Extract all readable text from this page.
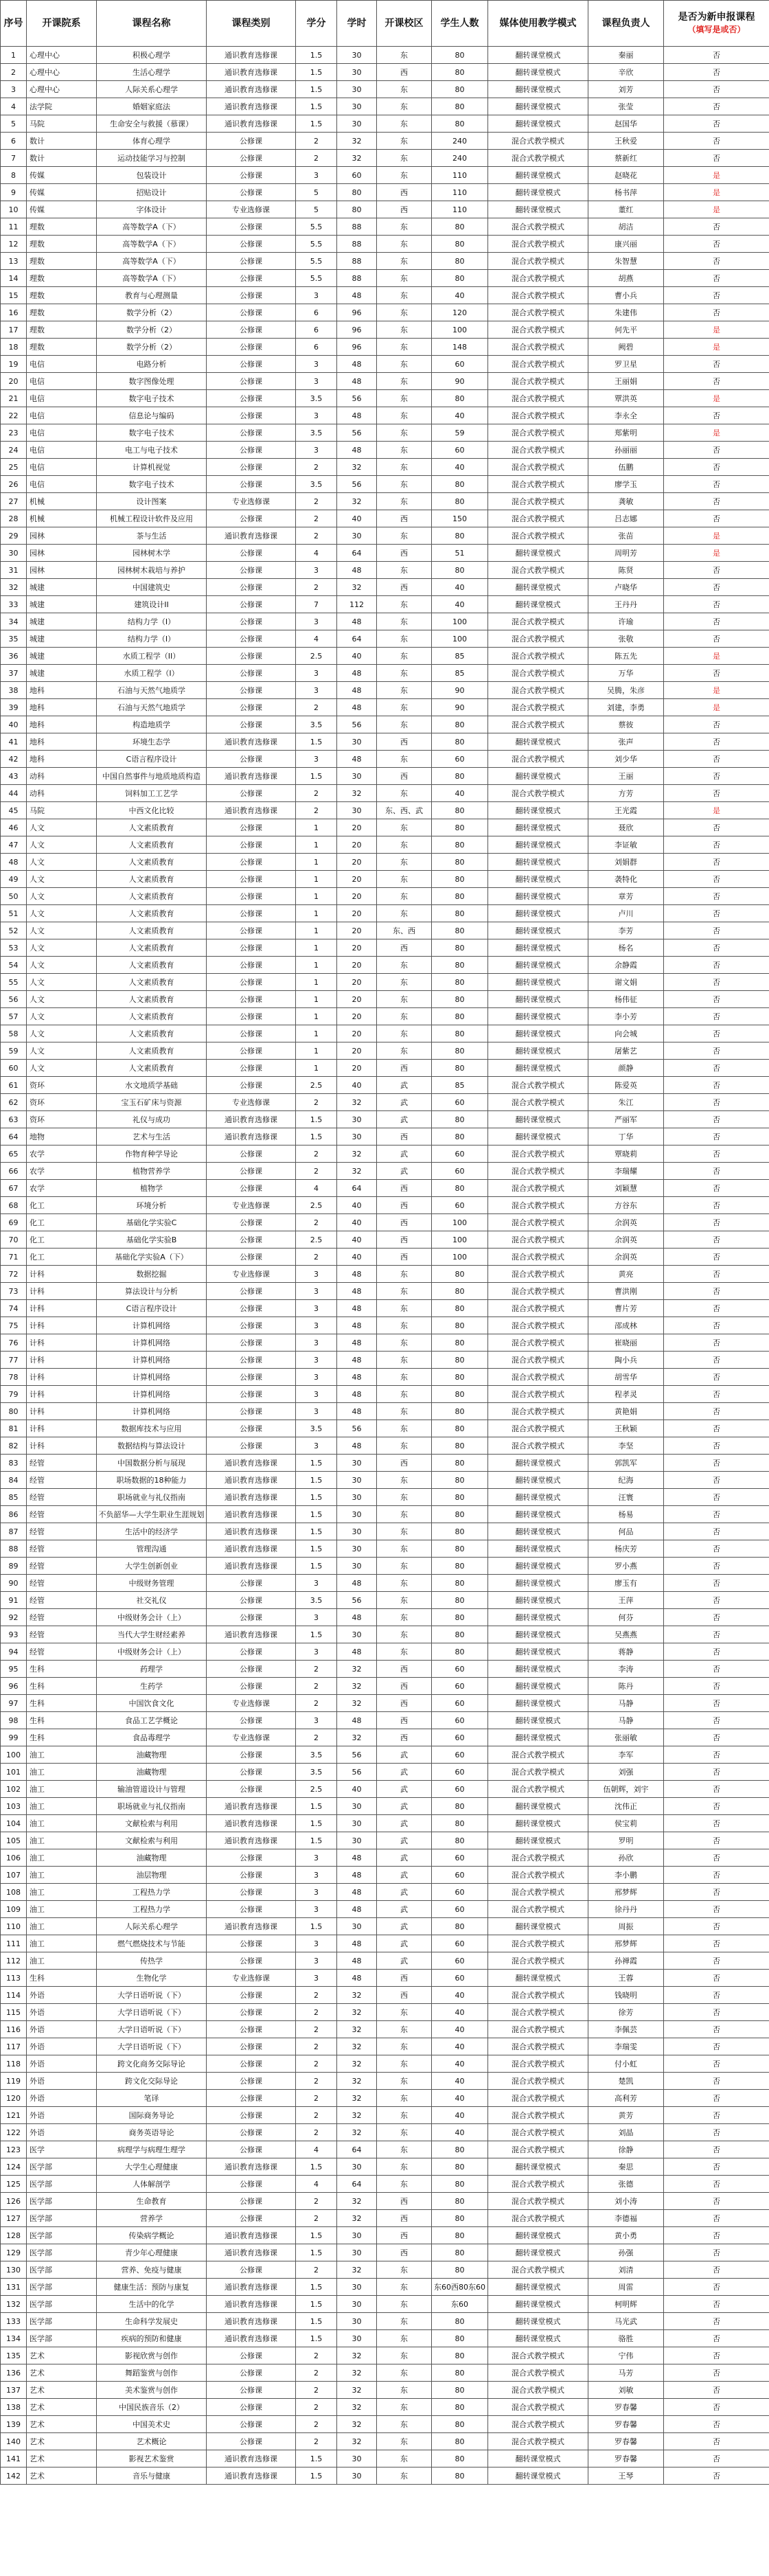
序号	开课院系	课程名称	课程类别	学分	学时	开课校区	学生人数	媒体使用教学模式	课程负责人	是否为新申报课程
（填写是或否）

1	心理中心	积极心理学	通识教育选修课	1.5	30	东	80	翻转课堂模式	秦丽	否
2	心理中心	生活心理学	通识教育选修课	1.5	30	西	80	翻转课堂模式	辛欣	否
3	心理中心	人际关系心理学	通识教育选修课	1.5	30	东	80	翻转课堂模式	刘芳	否
4	法学院	婚姻家庭法	通识教育选修课	1.5	30	东	80	翻转课堂模式	张莹	否
5	马院	生命安全与救援（慕课）	通识教育选修课	1.5	30	东	80	翻转课堂模式	赵国华	否
6	数计	体育心理学	公修课	2	32	东	240	混合式教学模式	王秋爱	否
7	数计	运动技能学习与控制	公修课	2	32	东	240	混合式教学模式	蔡新红	否
8	传媒	包装设计	公修课	3	60	东	110	翻转课堂模式	赵晓花	是
9	传媒	招贴设计	公修课	5	80	西	110	翻转课堂模式	杨书萍	是
10	传媒	字体设计	专业选修课	5	80	西	110	翻转课堂模式	董红	是
11	理数	高等数学A（下）	公修课	5.5	88	东	80	混合式教学模式	胡洁	否
12	理数	高等数学A（下）	公修课	5.5	88	东	80	混合式教学模式	康兴丽	否
13	理数	高等数学A（下）	公修课	5.5	88	东	80	混合式教学模式	朱智慧	否
14	理数	高等数学A（下）	公修课	5.5	88	东	80	混合式教学模式	胡燕	否
15	理数	教育与心理测量	公修课	3	48	东	40	混合式教学模式	曹小兵	否
16	理数	数学分析（2）	公修课	6	96	东	120	混合式教学模式	朱建伟	否
17	理数	数学分析（2）	公修课	6	96	东	100	混合式教学模式	何先平	是
18	理数	数学分析（2）	公修课	6	96	东	148	混合式教学模式	阙碧	是
19	电信	电路分析	公修课	3	48	东	60	混合式教学模式	罗卫星	否
20	电信	数字图像处理	公修课	3	48	东	90	混合式教学模式	王丽娟	否
21	电信	数字电子技术	公修课	3.5	56	东	80	混合式教学模式	覃洪英	是
22	电信	信息论与编码	公修课	3	48	东	40	混合式教学模式	李永全	否
23	电信	数字电子技术	公修课	3.5	56	东	59	混合式教学模式	郑紫明	是
24	电信	电工与电子技术	公修课	3	48	东	60	混合式教学模式	孙丽丽	否
25	电信	计算机视觉	公修课	2	32	东	40	混合式教学模式	伍鹏	否
26	电信	数字电子技术	公修课	3.5	56	东	80	混合式教学模式	廖学玉	否
27	机械	设计图案	专业选修课	2	32	东	80	混合式教学模式	龚敏	否
28	机械	机械工程设计软件及应用	公修课	2	40	西	150	混合式教学模式	吕志娜	否
29	园林	茶与生活	通识教育选修课	2	30	东	80	混合式教学模式	张苗	是
30	园林	园林树木学	公修课	4	64	西	51	翻转课堂模式	周明芳	是
31	园林	园林树木栽培与养护	公修课	3	48	东	80	混合式教学模式	陈贤	否
32	城建	中国建筑史	公修课	2	32	西	40	翻转课堂模式	卢晓华	否
33	城建	建筑设计II	公修课	7	112	东	40	翻转课堂模式	王丹丹	否
34	城建	结构力学（I）	公修课	3	48	东	100	混合式教学模式	许瑜	否
35	城建	结构力学（I）	公修课	4	64	东	100	混合式教学模式	张敬	否
36	城建	水质工程学（II）	公修课	2.5	40	东	85	混合式教学模式	陈五先	是
37	城建	水质工程学（I）	公修课	3	48	东	85	混合式教学模式	万华	否
38	地科	石油与天然气地质学	公修课	3	48	东	90	混合式教学模式	吴腾，朱彦	是
39	地科	石油与天然气地质学	公修课	2	48	东	90	混合式教学模式	刘建，李勇	是
40	地科	构造地质学	公修课	3.5	56	东	80	混合式教学模式	蔡彼	否
41	地科	环境生态学	通识教育选修课	1.5	30	西	80	翻转课堂模式	张声	否
42	地科	C语言程序设计	公修课	3	48	东	60	混合式教学模式	刘少华	否
43	动科	中国自然事件与地质地质构造	通识教育选修课	1.5	30	西	80	翻转课堂模式	王丽	否
44	动科	饲料加工工艺学	公修课	2	32	东	40	混合式教学模式	方芳	否
45	马院	中西文化比较	通识教育选修课	2	30	东、西、武	80	翻转课堂模式	王光霞	是
46	人文	人文素质教育	公修课	1	20	东	80	翻转课堂模式	聂欣	否
47	人文	人文素质教育	公修课	1	20	东	80	翻转课堂模式	李证敏	否
48	人文	人文素质教育	公修课	1	20	东	80	翻转课堂模式	刘娟群	否
49	人文	人文素质教育	公修课	1	20	东	80	翻转课堂模式	袭特化	否
50	人文	人文素质教育	公修课	1	20	东	80	翻转课堂模式	章芳	否
51	人文	人文素质教育	公修课	1	20	东	80	翻转课堂模式	卢川	否
52	人文	人文素质教育	公修课	1	20	东、西	80	翻转课堂模式	李芳	否
53	人文	人文素质教育	公修课	1	20	西	80	翻转课堂模式	杨名	否
54	人文	人文素质教育	公修课	1	20	东	80	翻转课堂模式	余静霞	否
55	人文	人文素质教育	公修课	1	20	东	80	翻转课堂模式	谢文娟	否
56	人文	人文素质教育	公修课	1	20	东	80	翻转课堂模式	杨伟征	否
57	人文	人文素质教育	公修课	1	20	东	80	翻转课堂模式	李小芳	否
58	人文	人文素质教育	公修课	1	20	东	80	翻转课堂模式	向会城	否
59	人文	人文素质教育	公修课	1	20	东	80	翻转课堂模式	屠紫艺	否
60	人文	人文素质教育	公修课	1	20	西	80	翻转课堂模式	颜静	否
61	资环	水文地质学基础	公修课	2.5	40	武	85	混合式教学模式	陈爱英	否
62	资环	宝玉石矿床与资源	专业选修课	2	32	武	60	混合式教学模式	朱江	否
63	资环	礼仪与成功	通识教育选修课	1.5	30	武	80	翻转课堂模式	严丽军	否
64	地物	艺术与生活	通识教育选修课	1.5	30	西	80	翻转课堂模式	丁华	否
65	农学	作物育种学导论	公修课	2	32	武	60	混合式教学模式	覃晓莉	否
66	农学	植物营养学	公修课	2	32	武	60	混合式教学模式	李瑞耀	否
67	农学	植物学	公修课	4	64	西	80	混合式教学模式	刘颖慧	否
68	化工	环境分析	专业选修课	2.5	40	西	60	混合式教学模式	方谷东	否
69	化工	基础化学实验C	公修课	2	40	西	100	混合式教学模式	余润英	否
70	化工	基础化学实验B	公修课	2.5	40	西	100	混合式教学模式	余润英	否
71	化工	基础化学实验A（下）	公修课	2	40	西	100	混合式教学模式	余润英	否
72	计科	数据挖掘	专业选修课	3	48	东	80	混合式教学模式	黄亮	否
73	计科	算法设计与分析	公修课	3	48	东	80	混合式教学模式	曹洪刚	否
74	计科	C语言程序设计	公修课	3	48	东	80	混合式教学模式	曹片芳	否
75	计科	计算机网络	公修课	3	48	东	80	混合式教学模式	邵成林	否
76	计科	计算机网络	公修课	3	48	东	80	混合式教学模式	崔晓丽	否
77	计科	计算机网络	公修课	3	48	东	80	混合式教学模式	陶小兵	否
78	计科	计算机网络	公修课	3	48	东	80	混合式教学模式	胡雪华	否
79	计科	计算机网络	公修课	3	48	东	80	混合式教学模式	程孝灵	否
80	计科	计算机网络	公修课	3	48	东	80	混合式教学模式	黄艳娟	否
81	计科	数据库技术与应用	公修课	3.5	56	东	80	混合式教学模式	王秋颖	否
82	计科	数据结构与算法设计	公修课	3	48	东	80	混合式教学模式	李坚	否
83	经管	中国数据分析与展现	通识教育选修课	1.5	30	西	80	翻转课堂模式	郭凯军	否
84	经管	职场数据的18种能力	通识教育选修课	1.5	30	东	80	翻转课堂模式	纪海	否
85	经管	职场就业与礼仪指南	通识教育选修课	1.5	30	东	80	翻转课堂模式	汪寰	否
86	经管	不负韶华—大学生职业生涯规划	通识教育选修课	1.5	30	东	80	翻转课堂模式	杨易	否
87	经管	生活中的经济学	通识教育选修课	1.5	30	东	80	翻转课堂模式	何品	否
88	经管	管理沟通	通识教育选修课	1.5	30	东	80	翻转课堂模式	杨庆芳	否
89	经管	大学生创新创业	通识教育选修课	1.5	30	东	80	翻转课堂模式	罗小燕	否
90	经管	中级财务管理	公修课	3	48	东	80	翻转课堂模式	廖玉有	否
91	经管	社交礼仪	公修课	3.5	56	东	80	翻转课堂模式	王萍	否
92	经管	中级财务会计（上）	公修课	3	48	东	80	翻转课堂模式	何芬	否
93	经管	当代大学生财经素养	通识教育选修课	1.5	30	东	80	翻转课堂模式	吴燕燕	否
94	经管	中级财务会计（上）	公修课	3	48	东	80	翻转课堂模式	蒋静	否
95	生科	药理学	公修课	2	32	西	60	翻转课堂模式	李涛	否
96	生科	生药学	公修课	2	32	西	60	翻转课堂模式	陈丹	否
97	生科	中国饮食文化	专业选修课	2	32	西	60	翻转课堂模式	马静	否
98	生科	食品工艺学概论	公修课	3	48	西	60	翻转课堂模式	马静	否
99	生科	食品毒理学	专业选修课	2	32	西	60	翻转课堂模式	张丽敏	否
100	油工	油藏物理	公修课	3.5	56	武	60	混合式教学模式	李军	否
101	油工	油藏物理	公修课	3.5	56	武	60	混合式教学模式	刘强	否
102	油工	输油管道设计与管理	公修课	2.5	40	武	60	混合式教学模式	伍朝辉，刘宇	否
103	油工	职场就业与礼仪指南	通识教育选修课	1.5	30	武	80	翻转课堂模式	沈伟正	否
104	油工	文献检索与利用	通识教育选修课	1.5	30	武	80	翻转课堂模式	侯宝莉	否
105	油工	文献检索与利用	通识教育选修课	1.5	30	武	80	翻转课堂模式	罗明	否
106	油工	油藏物理	公修课	3	48	武	60	混合式教学模式	孙欣	否
107	油工	油层物理	公修课	3	48	武	60	混合式教学模式	李小鹏	否
108	油工	工程热力学	公修课	3	48	武	60	混合式教学模式	邢梦辉	否
109	油工	工程热力学	公修课	3	48	武	60	混合式教学模式	徐丹丹	否
110	油工	人际关系心理学	通识教育选修课	1.5	30	武	80	翻转课堂模式	周振	否
111	油工	燃气燃烧技术与节能	公修课	3	48	武	60	混合式教学模式	邢梦辉	否
112	油工	传热学	公修课	3	48	武	60	混合式教学模式	孙禅霞	否
113	生科	生物化学	专业选修课	3	48	西	60	翻转课堂模式	王蓉	否
114	外语	大学日语听说（下）	公修课	2	32	西	40	混合式教学模式	钱晓明	否
115	外语	大学日语听说（下）	公修课	2	32	东	40	混合式教学模式	徐芳	否
116	外语	大学日语听说（下）	公修课	2	32	东	40	混合式教学模式	李佩芸	否
117	外语	大学日语听说（下）	公修课	2	32	东	40	混合式教学模式	李瑞雯	否
118	外语	跨文化商务交际导论	公修课	2	32	东	40	混合式教学模式	付小虹	否
119	外语	跨文化交际导论	公修课	2	32	东	40	混合式教学模式	楚凯	否
120	外语	笔译	公修课	2	32	东	40	混合式教学模式	高利芳	否
121	外语	国际商务导论	公修课	2	32	东	40	混合式教学模式	黄芳	否
122	外语	商务英语导论	公修课	2	32	东	40	混合式教学模式	刘晶	否
123	医学	病理学与病理生理学	公修课	4	64	东	80	混合式教学模式	徐静	否
124	医学部	大学生心理健康	通识教育选修课	1.5	30	东	80	翻转课堂模式	秦思	否
125	医学部	人体解剖学	公修课	4	64	东	80	混合式教学模式	张德	否
126	医学部	生命教育	公修课	2	32	西	80	混合式教学模式	刘小涛	否
127	医学部	营养学	公修课	2	32	西	80	混合式教学模式	李德福	否
128	医学部	传染病学概论	通识教育选修课	1.5	30	西	80	翻转课堂模式	黄小勇	否
129	医学部	青少年心理健康	通识教育选修课	1.5	30	西	80	翻转课堂模式	孙强	否
130	医学部	营养、免疫与健康	公修课	2	32	东	80	混合式教学模式	刘清	否
131	医学部	健康生活：预防与康复	通识教育选修课	1.5	30	东	东60西80东60	翻转课堂模式	周雷	否
132	医学部	生活中的化学	通识教育选修课	1.5	30	东	东60	翻转课堂模式	柯明辉	否
133	医学部	生命科学发展史	通识教育选修课	1.5	30	东	80	翻转课堂模式	马光武	否
134	医学部	疾病的预防和健康	通识教育选修课	1.5	30	东	80	翻转课堂模式	骆胜	否
135	艺术	影视欣赏与创作	公修课	2	32	东	80	混合式教学模式	宁伟	否
136	艺术	舞蹈鉴赏与创作	公修课	2	32	东	80	混合式教学模式	马芳	否
137	艺术	美术鉴赏与创作	公修课	2	32	东	80	混合式教学模式	刘敏	否
138	艺术	中国民族音乐（2）	公修课	2	32	东	80	混合式教学模式	罗春馨	否
139	艺术	中国美术史	公修课	2	32	东	80	混合式教学模式	罗春馨	否
140	艺术	艺术概论	公修课	2	32	东	80	混合式教学模式	罗春馨	否
141	艺术	影视艺术鉴赏	通识教育选修课	1.5	30	东	80	翻转课堂模式	罗春馨	否
142	艺术	音乐与健康	通识教育选修课	1.5	30	东	80	翻转课堂模式	王琴	否
